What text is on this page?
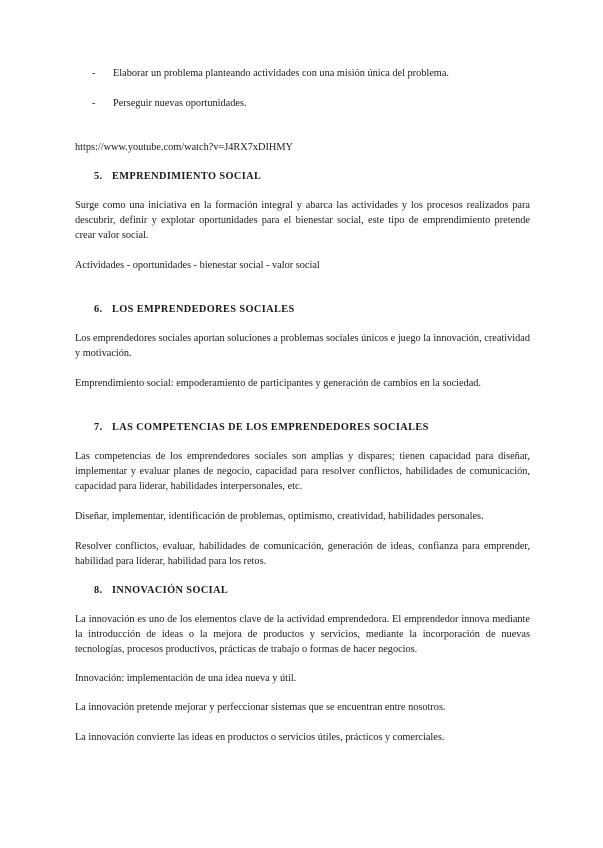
- Elaborar un problema planteando actividades con una misión única del problema.
- Perseguir nuevas oportunidades.
https://www.youtube.com/watch?v=J4RX7xDIHMY
5. EMPRENDIMIENTO SOCIAL
Surge como una iniciativa en la formación integral y abarca las actividades y los procesos realizados para descubrir, definir y explotar oportunidades para el bienestar social, este tipo de emprendimiento pretende crear valor social.
Actividades - oportunidades - bienestar social - valor social
6. LOS EMPRENDEDORES SOCIALES
Los emprendedores sociales aportan soluciones a problemas sociales únicos e juego la innovación, creatividad y motivación.
Emprendimiento social: empoderamiento de participantes y generación de cambios en la sociedad.
7. LAS COMPETENCIAS DE LOS EMPRENDEDORES SOCIALES
Las competencias de los emprendedores sociales son amplias y dispares; tienen capacidad para diseñar, implementar y evaluar planes de negocio, capacidad para resolver conflictos, habilidades de comunicación, capacidad para liderar, habilidades interpersonales, etc.
Diseñar, implementar, identificación de problemas, optimismo, creatividad, habilidades personales.
Resolver conflictos, evaluar, habilidades de comunicación, generación de ideas, confianza para emprender, habilidad para liderar, habilidad para los retos.
8. INNOVACIÓN SOCIAL
La innovación es uno de los elementos clave de la actividad emprendedora. El emprendedor innova mediante la introducción de ideas o la mejora de productos y servicios, mediante la incorporación de nuevas tecnologías, procesos productivos, prácticas de trabajo o formas de hacer negocios.
Innovación: implementación de una idea nueva y útil.
La innovación pretende mejorar y perfeccionar sistemas que se encuentran entre nosotros.
La innovación convierte las ideas en productos o servicios útiles, prácticos y comerciales.
